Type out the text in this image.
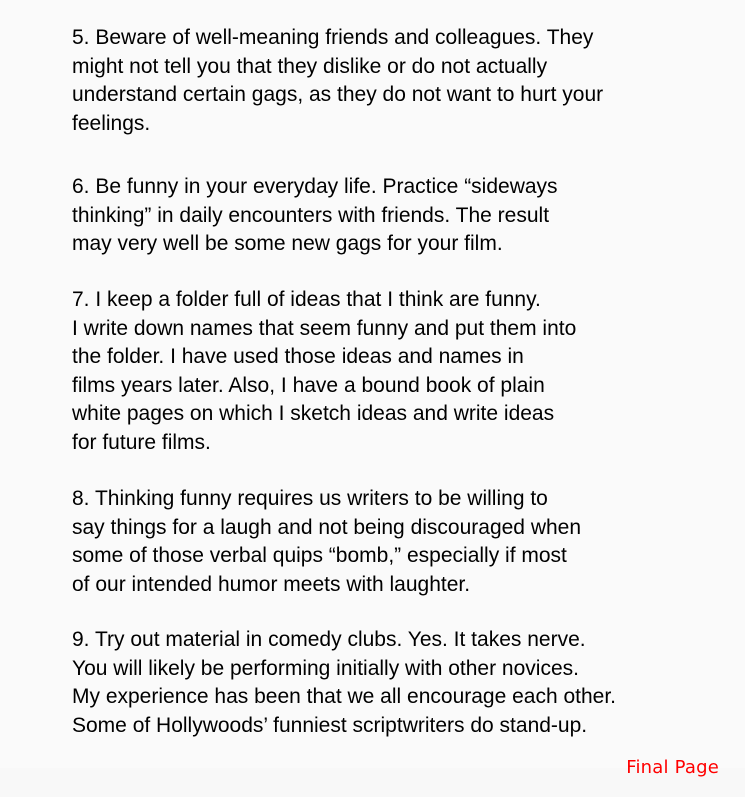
5. Beware of well-meaning friends and colleagues. They
might not tell you that they dislike or do not actually
understand certain gags, as they do not want to hurt your
feelings.
6. Be funny in your everyday life. Practice “sideways
thinking” in daily encounters with friends. The result
may very well be some new gags for your film.
7. I keep a folder full of ideas that I think are funny.
I write down names that seem funny and put them into
the folder. I have used those ideas and names in
films years later. Also, I have a bound book of plain
white pages on which I sketch ideas and write ideas
for future films.
8. Thinking funny requires us writers to be willing to
say things for a laugh and not being discouraged when
some of those verbal quips “bomb,” especially if most
of our intended humor meets with laughter.
9. Try out material in comedy clubs. Yes. It takes nerve.
You will likely be performing initially with other novices.
My experience has been that we all encourage each other.
Some of Hollywoods’ funniest scriptwriters do stand-up.
Final Page
